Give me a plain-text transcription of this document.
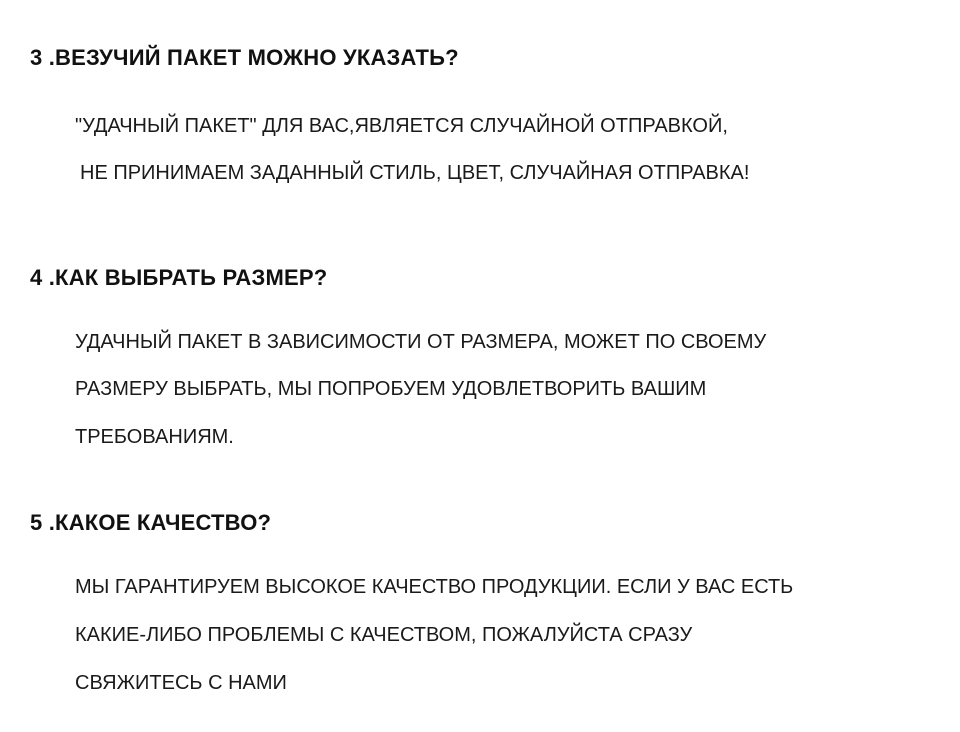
3 .ВЕЗУЧИЙ ПАКЕТ МОЖНО УКАЗАТЬ?

"УДАЧНЫЙ ПАКЕТ" ДЛЯ ВАС,ЯВЛЯЕТСЯ СЛУЧАЙНОЙ ОТПРАВКОЙ,

НЕ ПРИНИМАЕМ ЗАДАННЫЙ СТИЛЬ, ЦВЕТ, СЛУЧАЙНАЯ ОТПРАВКА!

4 .КАК ВЫБРАТЬ РАЗМЕР?

УДАЧНЫЙ ПАКЕТ В ЗАВИСИМОСТИ ОТ РАЗМЕРА, МОЖЕТ ПО СВОЕМУ

РАЗМЕРУ ВЫБРАТЬ, МЫ ПОПРОБУЕМ УДОВЛЕТВОРИТЬ ВАШИМ

ТРЕБОВАНИЯМ.

5 .КАКОЕ КАЧЕСТВО?

МЫ ГАРАНТИРУЕМ ВЫСОКОЕ КАЧЕСТВО ПРОДУКЦИИ. ЕСЛИ У ВАС ЕСТЬ

КАКИЕ-ЛИБО ПРОБЛЕМЫ С КАЧЕСТВОМ, ПОЖАЛУЙСТА СРАЗУ

СВЯЖИТЕСЬ С НАМИ
